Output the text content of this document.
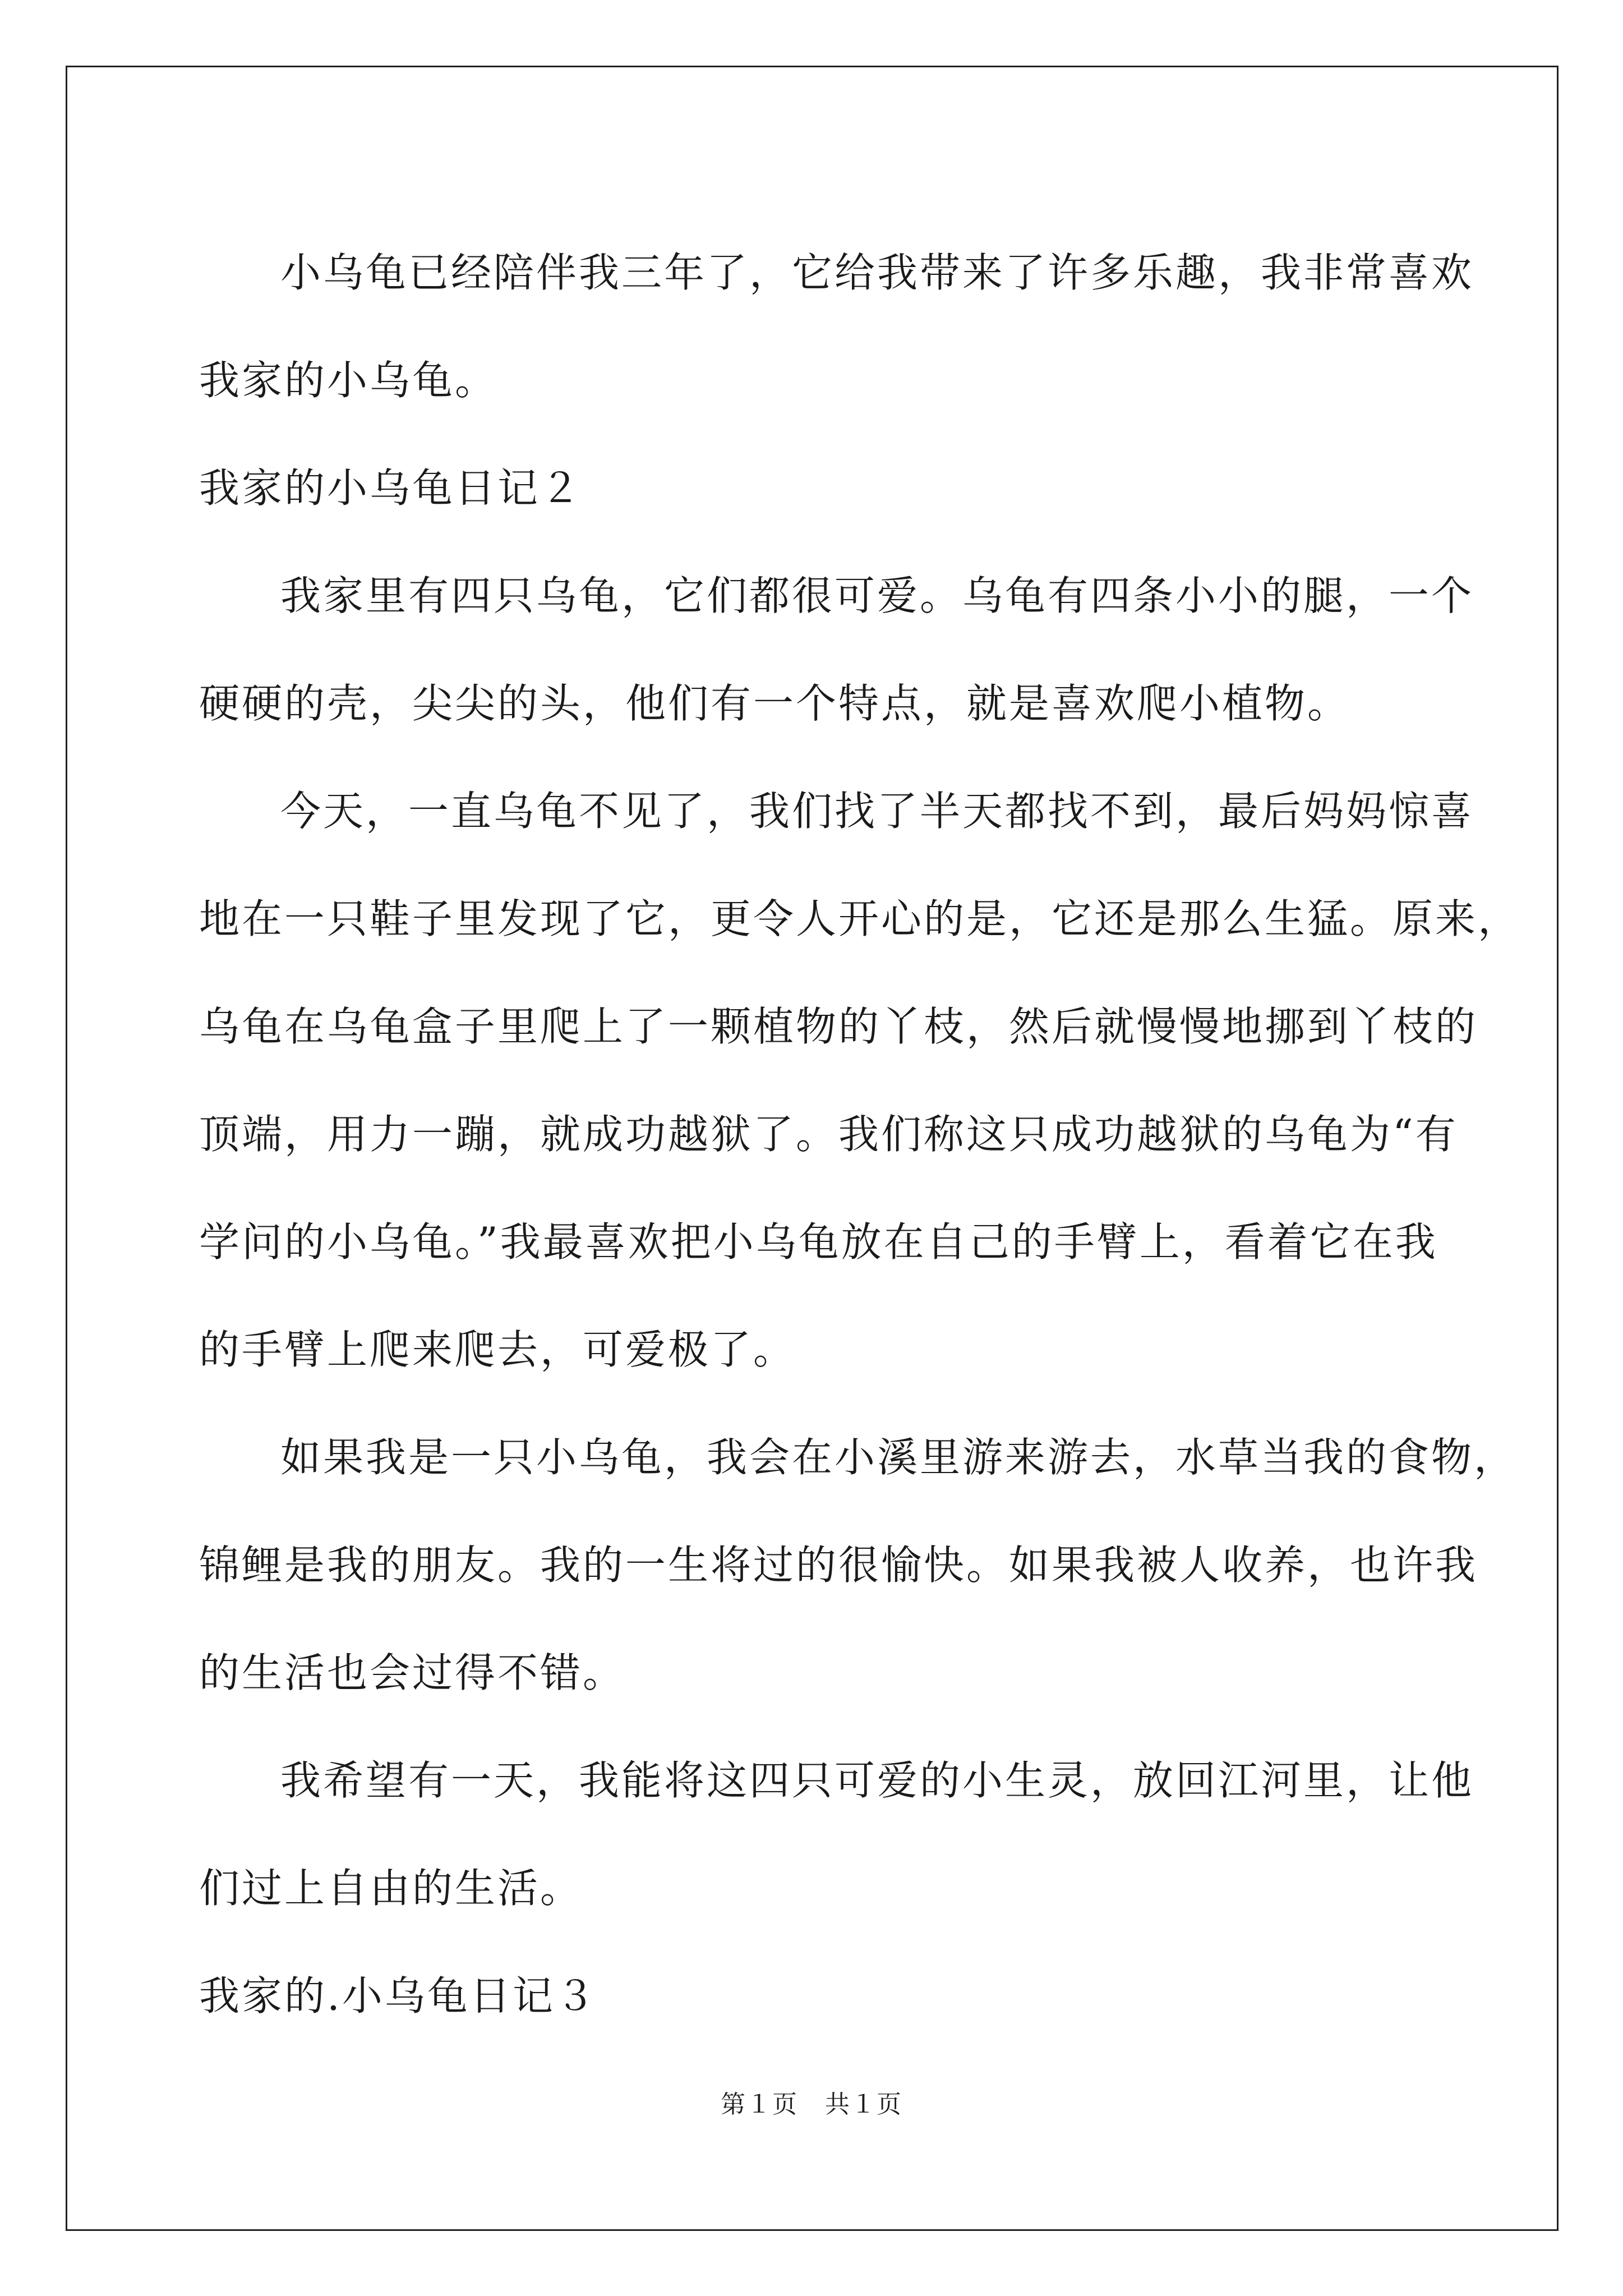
小乌龟已经陪伴我三年了，它给我带来了许多乐趣，我非常喜欢
我家的小乌龟。
我家的小乌龟日记２
我家里有四只乌龟，它们都很可爱。乌龟有四条小小的腿，一个
硬硬的壳，尖尖的头，他们有一个特点，就是喜欢爬小植物。
今天，一直乌龟不见了，我们找了半天都找不到，最后妈妈惊喜
地在一只鞋子里发现了它，更令人开心的是，它还是那么生猛。原来，
乌龟在乌龟盒子里爬上了一颗植物的丫枝，然后就慢慢地挪到丫枝的
顶端，用力一蹦，就成功越狱了。我们称这只成功越狱的乌龟为“有
学问的小乌龟。”我最喜欢把小乌龟放在自己的手臂上，看着它在我
的手臂上爬来爬去，可爱极了。
如果我是一只小乌龟，我会在小溪里游来游去，水草当我的食物，
锦鲤是我的朋友。我的一生将过的很愉快。如果我被人收养，也许我
的生活也会过得不错。
我希望有一天，我能将这四只可爱的小生灵，放回江河里，让他
们过上自由的生活。
我家的.小乌龟日记３
第１页 共１页
